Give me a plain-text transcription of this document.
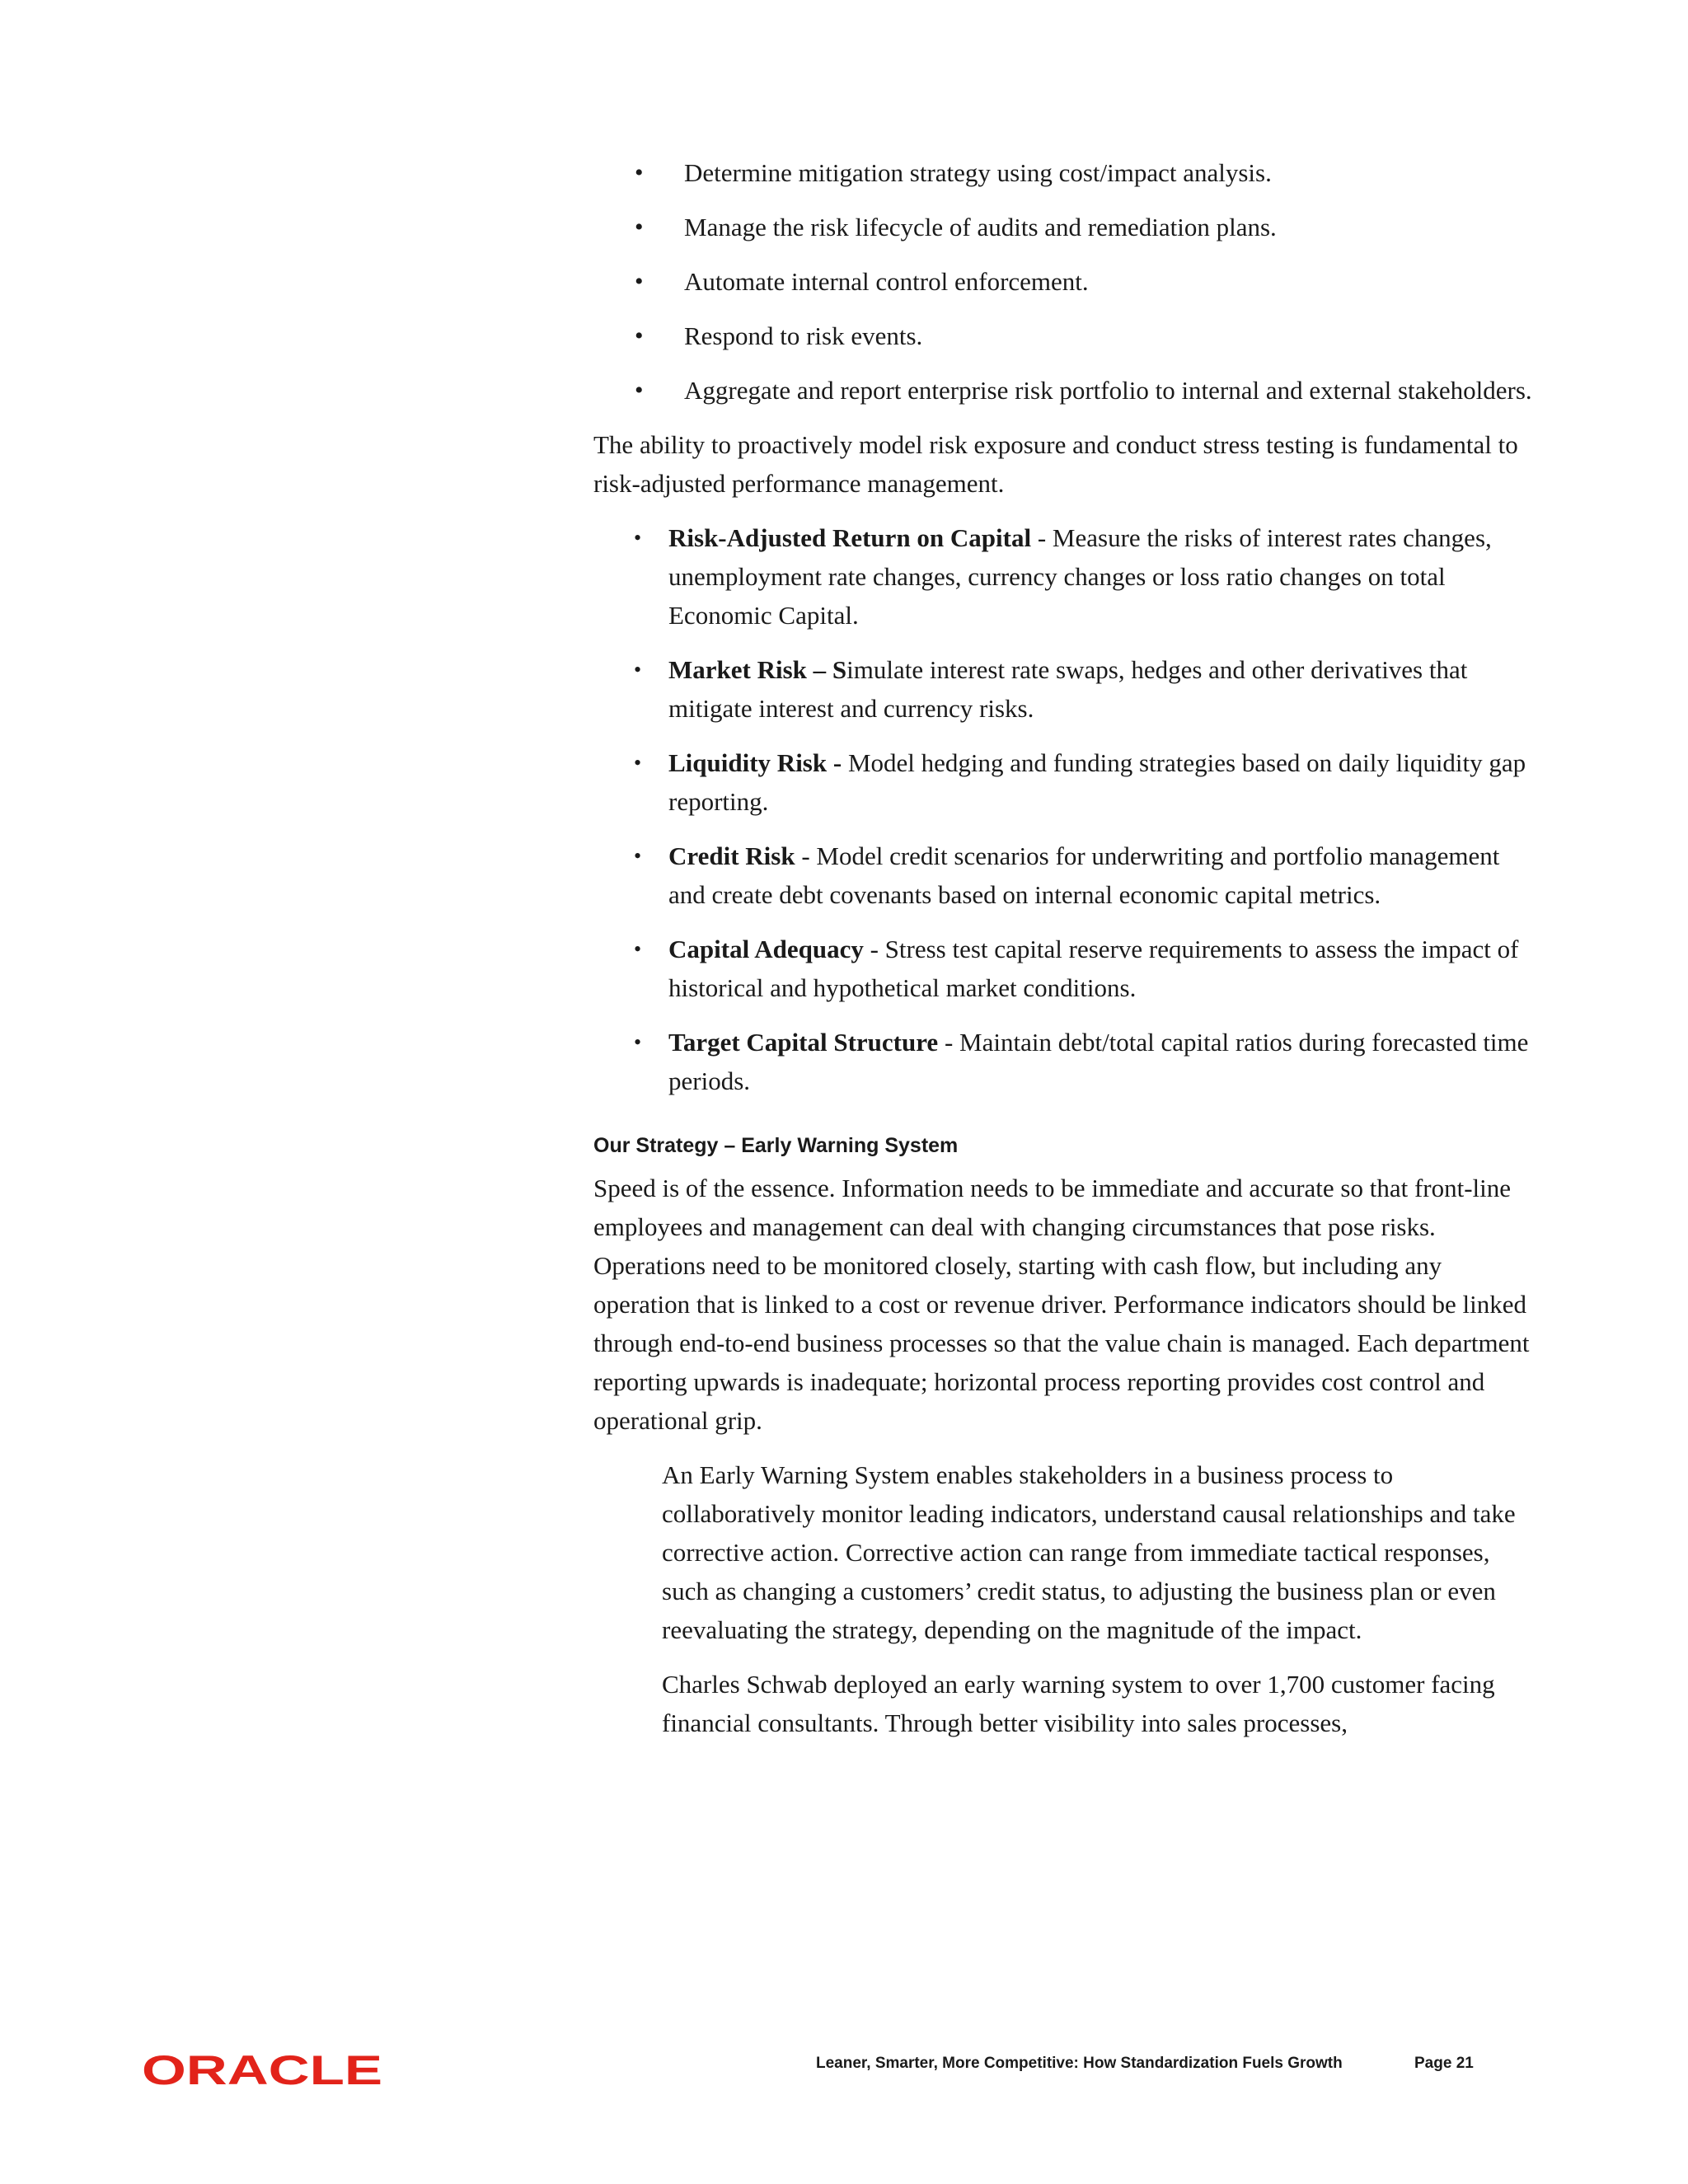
• Determine mitigation strategy using cost/impact analysis.
• Manage the risk lifecycle of audits and remediation plans.
• Automate internal control enforcement.
• Respond to risk events.
• Aggregate and report enterprise risk portfolio to internal and external stakeholders.

The ability to proactively model risk exposure and conduct stress testing is fundamental to risk-adjusted performance management.

• Risk-Adjusted Return on Capital - Measure the risks of interest rates changes, unemployment rate changes, currency changes or loss ratio changes on total Economic Capital.
• Market Risk – Simulate interest rate swaps, hedges and other derivatives that mitigate interest and currency risks.
• Liquidity Risk - Model hedging and funding strategies based on daily liquidity gap reporting.
• Credit Risk - Model credit scenarios for underwriting and portfolio management and create debt covenants based on internal economic capital metrics.
• Capital Adequacy - Stress test capital reserve requirements to assess the impact of historical and hypothetical market conditions.
• Target Capital Structure - Maintain debt/total capital ratios during forecasted time periods.
Our Strategy – Early Warning System

Speed is of the essence. Information needs to be immediate and accurate so that front-line employees and management can deal with changing circumstances that pose risks. Operations need to be monitored closely, starting with cash flow, but including any operation that is linked to a cost or revenue driver. Performance indicators should be linked through end-to-end business processes so that the value chain is managed. Each department reporting upwards is inadequate; horizontal process reporting provides cost control and operational grip.

An Early Warning System enables stakeholders in a business process to collaboratively monitor leading indicators, understand causal relationships and take corrective action. Corrective action can range from immediate tactical responses, such as changing a customers’ credit status, to adjusting the business plan or even reevaluating the strategy, depending on the magnitude of the impact.

Charles Schwab deployed an early warning system to over 1,700 customer facing financial consultants. Through better visibility into sales processes,

ORACLE	Leaner, Smarter, More Competitive: How Standardization Fuels Growth	Page 21
